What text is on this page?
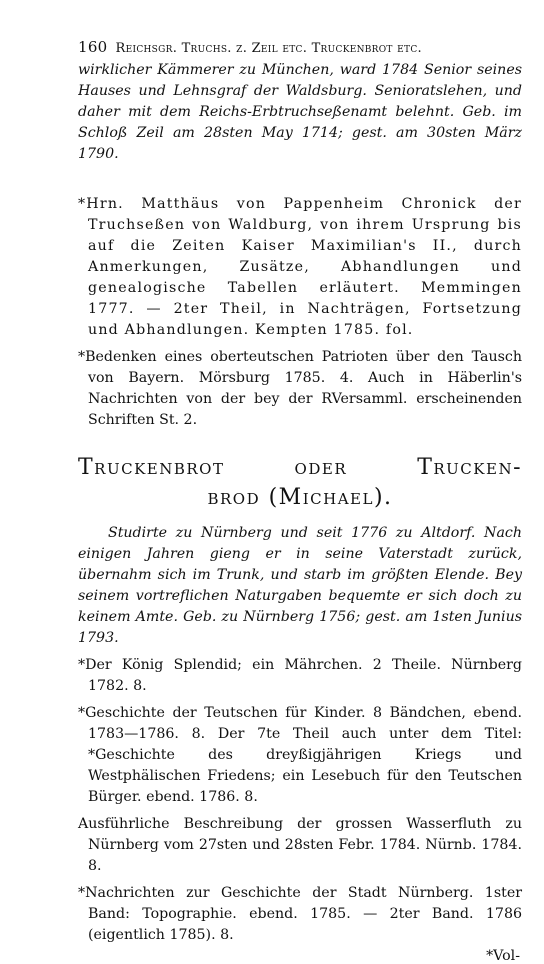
160 Reichsgr. Truchs. z. Zeil etc. Truckenbrot etc.

wirklicher Kämmerer zu München, ward 1784 Senior seines Hauses und Lehnsgraf der Waldsburg. Senioratslehen, und daher mit dem Reichs-Erbtruchseßenamt belehnt. Geb. im Schloß Zeil am 28sten May 1714; gest. am 30sten März 1790.

*Hrn. Matthäus von Pappenheim Chronick der Truchseßen von Waldburg, von ihrem Ursprung bis auf die Zeiten Kaiser Maximilian's II., durch Anmerkungen, Zusätze, Abhandlungen und genealogische Tabellen erläutert. Memmingen 1777. — 2ter Theil, in Nachträgen, Fortsetzung und Abhandlungen. Kempten 1785. fol.

*Bedenken eines oberteutschen Patrioten über den Tausch von Bayern. Mörsburg 1785. 4. Auch in Häberlin's Nachrichten von der bey der RVersamml. erscheinenden Schriften St. 2.

Truckenbrot oder Trucken-
brod (Michael).

Studirte zu Nürnberg und seit 1776 zu Altdorf. Nach einigen Jahren gieng er in seine Vaterstadt zurück, übernahm sich im Trunk, und starb im größten Elende. Bey seinem vortreflichen Naturgaben bequemte er sich doch zu keinem Amte. Geb. zu Nürnberg 1756; gest. am 1sten Junius 1793.

*Der König Splendid; ein Mährchen. 2 Theile. Nürnberg 1782. 8.

*Geschichte der Teutschen für Kinder. 8 Bändchen, ebend. 1783—1786. 8. Der 7te Theil auch unter dem Titel: *Geschichte des dreyßigjährigen Kriegs und Westphälischen Friedens; ein Lesebuch für den Teutschen Bürger. ebend. 1786. 8.

Ausführliche Beschreibung der grossen Wasserfluth zu Nürnberg vom 27sten und 28sten Febr. 1784. Nürnb. 1784. 8.

*Nachrichten zur Geschichte der Stadt Nürnberg. 1ster Band: Topographie. ebend. 1785. — 2ter Band. 1786 (eigentlich 1785). 8.

*Vol-
